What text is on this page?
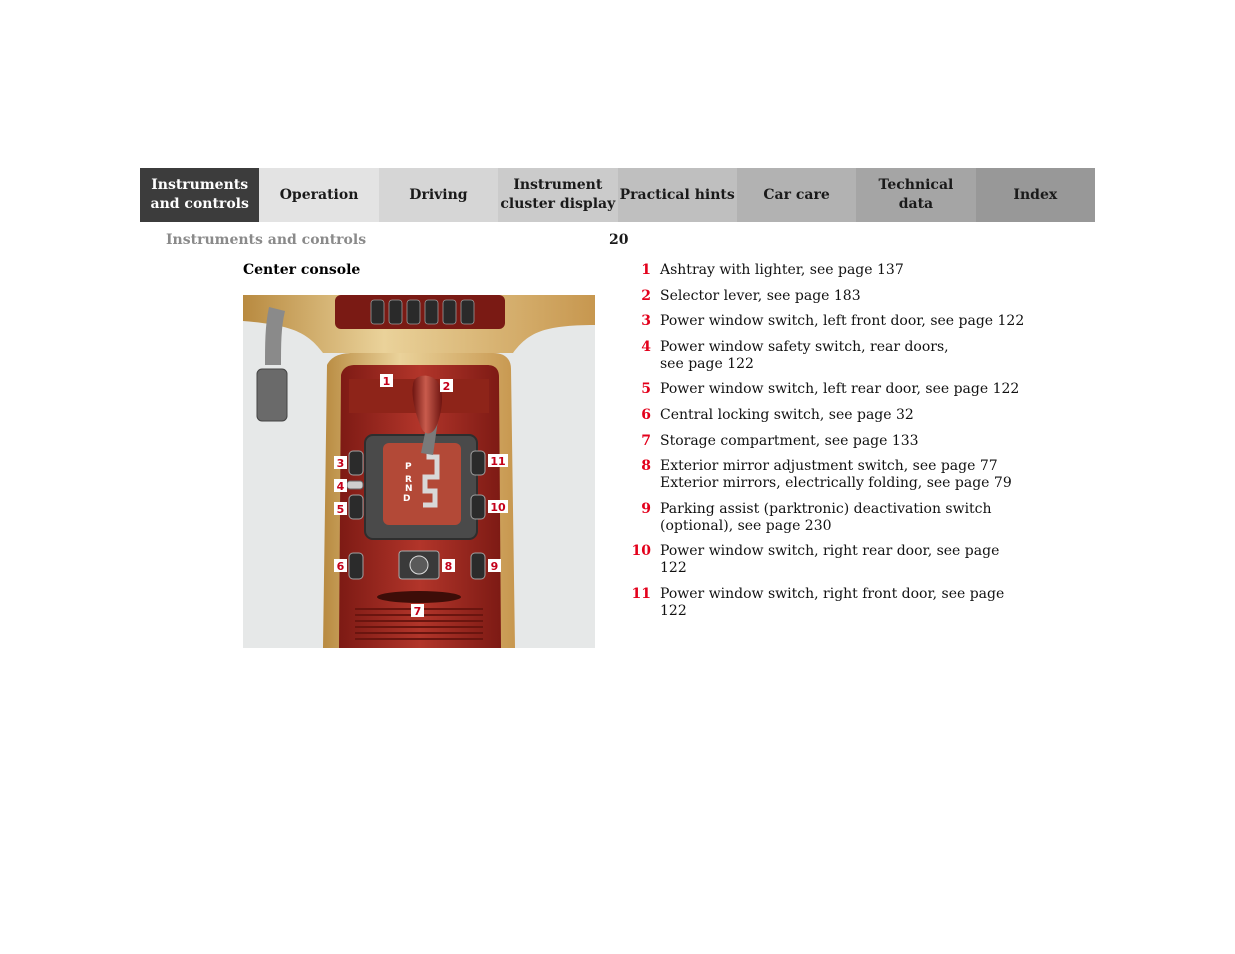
Instruments
and controls
Operation	Driving
Instrument
cluster display
Practical hints	Car care
Technical
data
Index
Instruments and controls	20
Center console
P
R
N
D
1	2
3
4
5
6
7
8	9
10
11
1 Ashtray with lighter, see page 137
2 Selector lever, see page 183
3 Power window switch, left front door, see page 122
4 Power window safety switch, rear doors,
see page 122
5 Power window switch, left rear door, see page 122
6 Central locking switch, see page 32
7 Storage compartment, see page 133
8 Exterior mirror adjustment switch, see page 77
Exterior mirrors, electrically folding, see page 79
9 Parking assist (parktronic) deactivation switch
(optional), see page 230
10 Power window switch, right rear door, see page 122
11 Power window switch, right front door, see page 122
